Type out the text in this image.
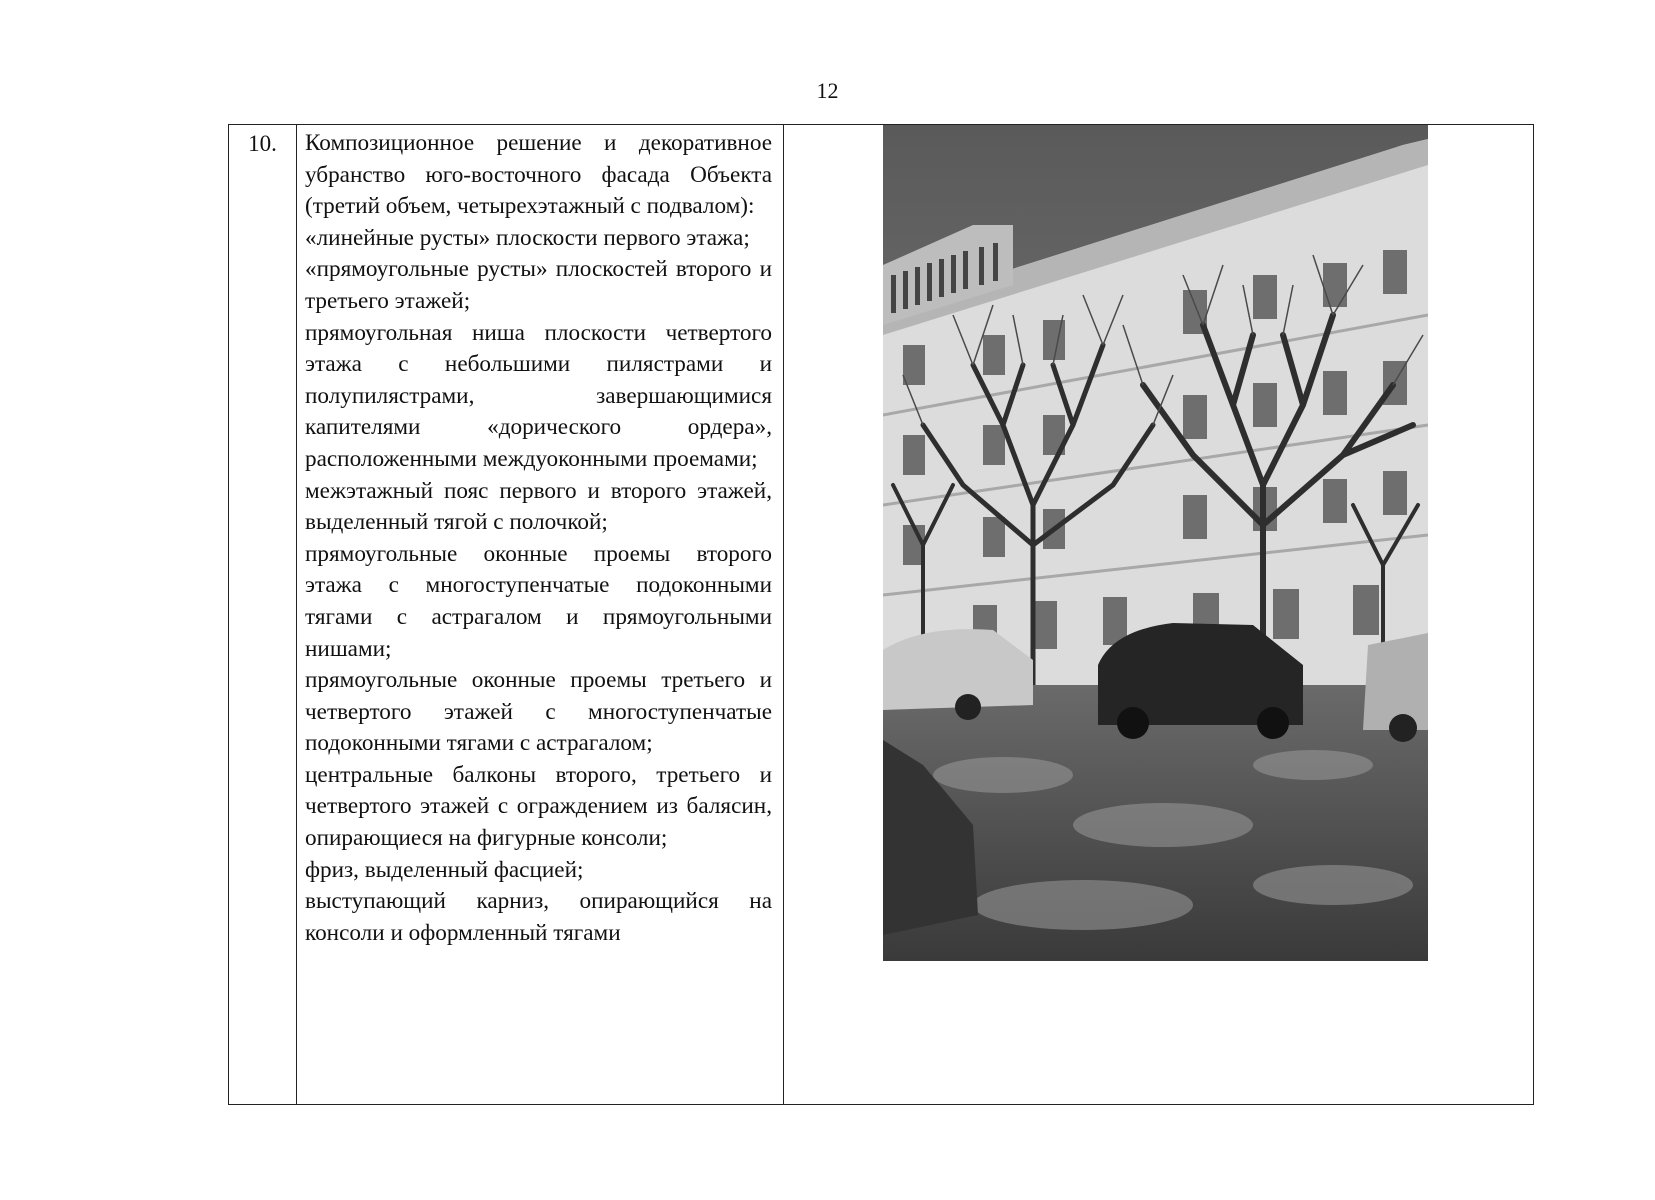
12
10.	Композиционное решение и декоративное убранство юго-восточного фасада Объекта (третий объем, четырехэтажный с подвалом):

«линейные русты» плоскости первого этажа;

«прямоугольные русты» плоскостей второго и третьего этажей;

прямоугольная ниша плоскости четвертого этажа с небольшими пилястрами и полупилястрами, завершающимися капителями «дорического ордера», расположенными междуоконными проемами;

межэтажный пояс первого и второго этажей, выделенный тягой с полочкой;

прямоугольные оконные проемы второго этажа с многоступенчатые подоконными тягами с астрагалом и прямоугольными нишами;

прямоугольные оконные проемы третьего и четвертого этажей с многоступенчатые подоконными тягами с астрагалом;

центральные балконы второго, третьего и четвертого этажей с ограждением из балясин, опирающиеся на фигурные консоли;

фриз, выделенный фасцией;

выступающий карниз, опирающийся на консоли и оформленный тягами
